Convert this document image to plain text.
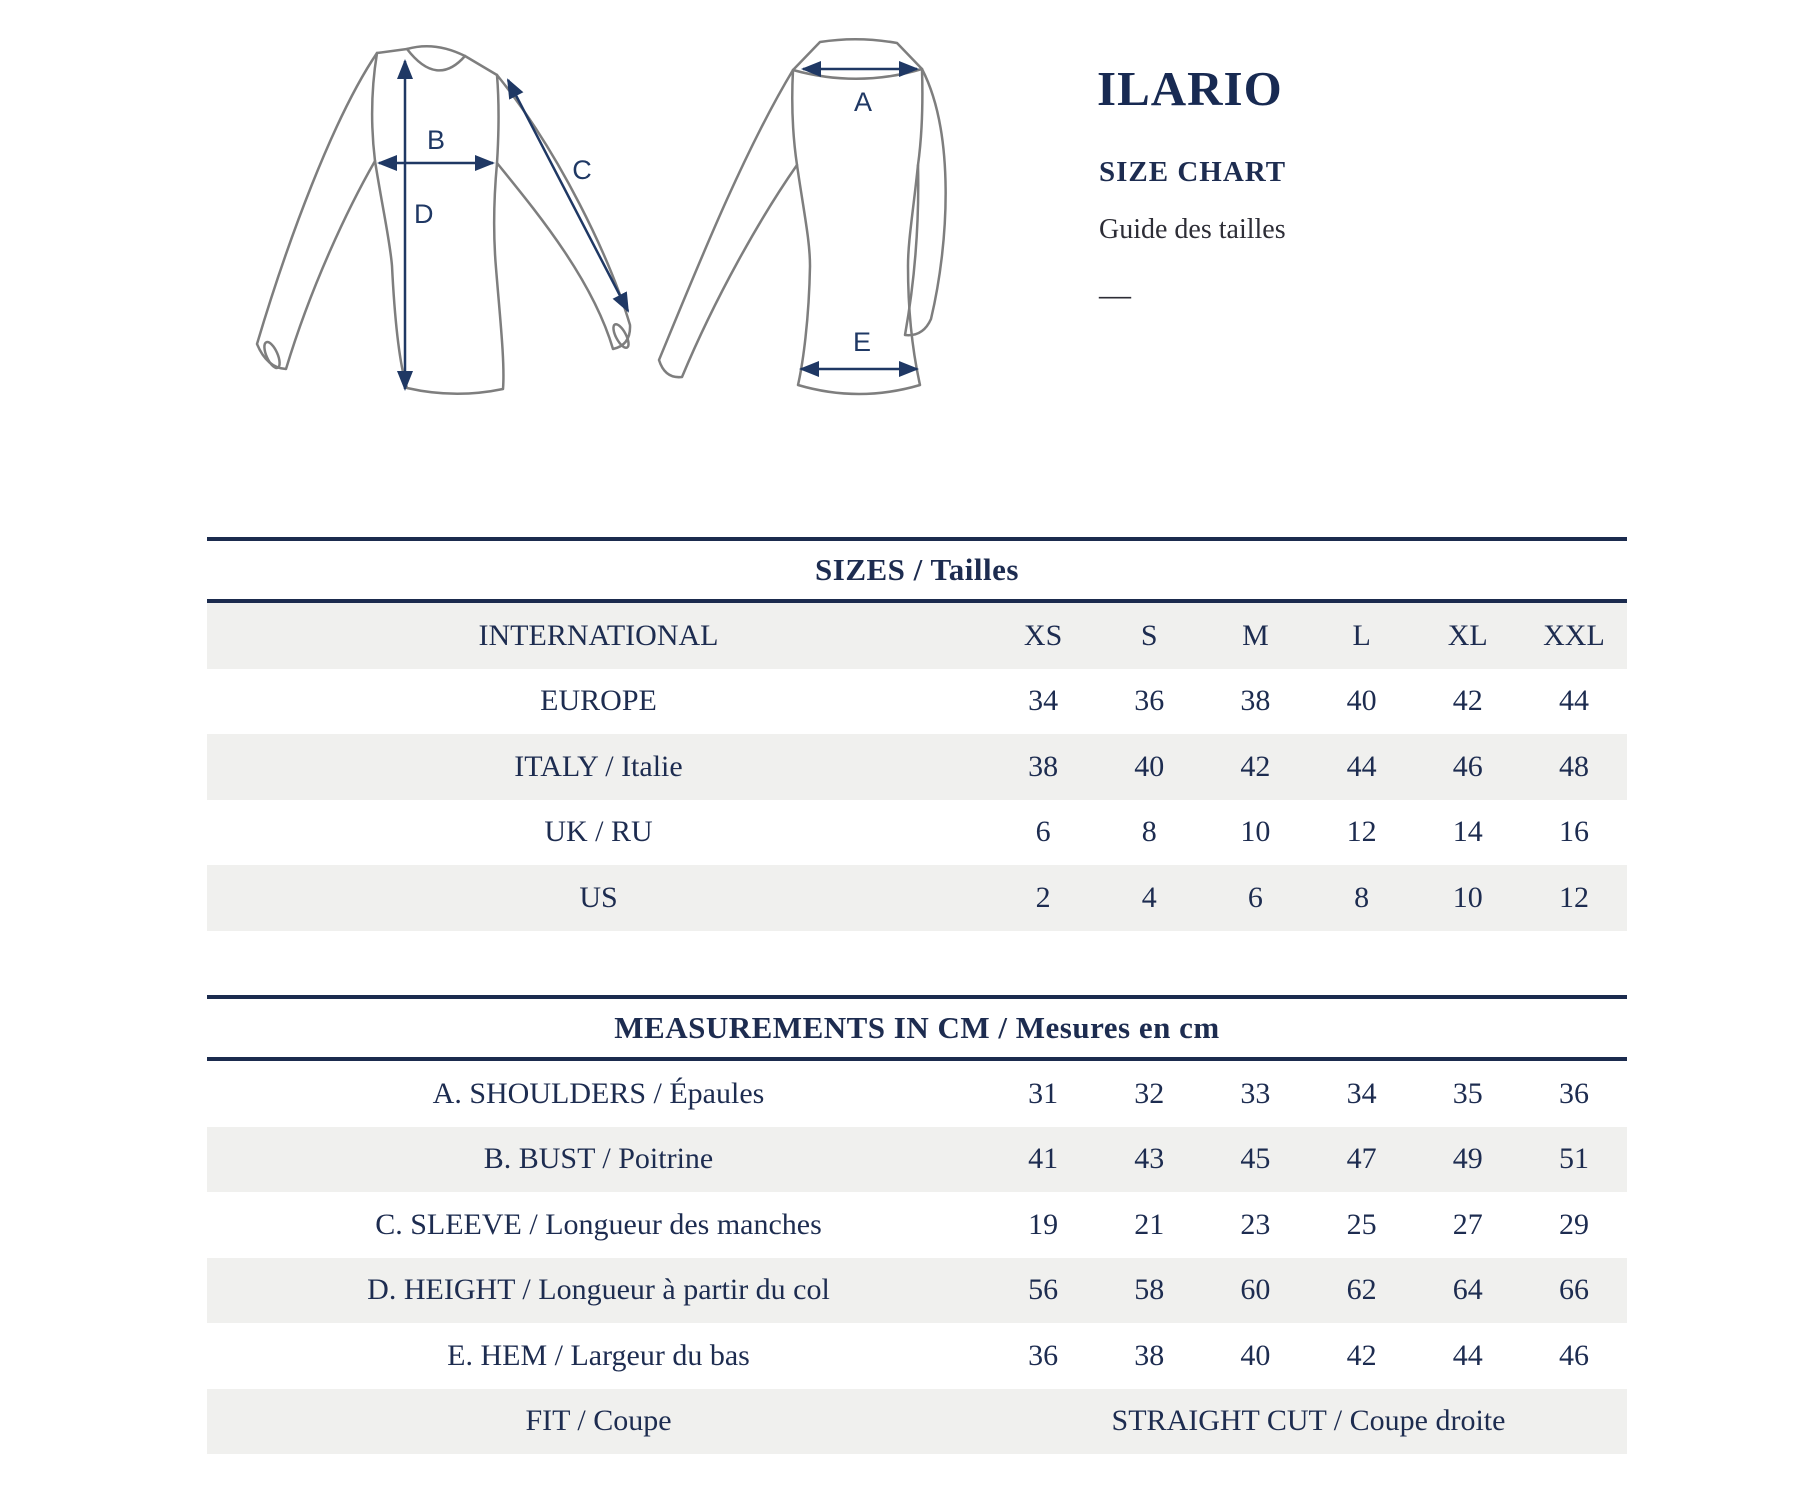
B
D
C
A
E
ILARIO
SIZE CHART
Guide des tailles
—
SIZES / Tailles
INTERNATIONAL	XS	S	M	L	XL	XXL
EUROPE	34	36	38	40	42	44
ITALY / Italie	38	40	42	44	46	48
UK / RU	6	8	10	12	14	16
US	2	4	6	8	10	12
MEASUREMENTS IN CM / Mesures en cm
A. SHOULDERS / Épaules	31	32	33	34	35	36
B. BUST / Poitrine	41	43	45	47	49	51
C. SLEEVE / Longueur des manches	19	21	23	25	27	29
D. HEIGHT / Longueur à partir du col	56	58	60	62	64	66
E. HEM / Largeur du bas	36	38	40	42	44	46
FIT / Coupe	STRAIGHT CUT / Coupe droite
